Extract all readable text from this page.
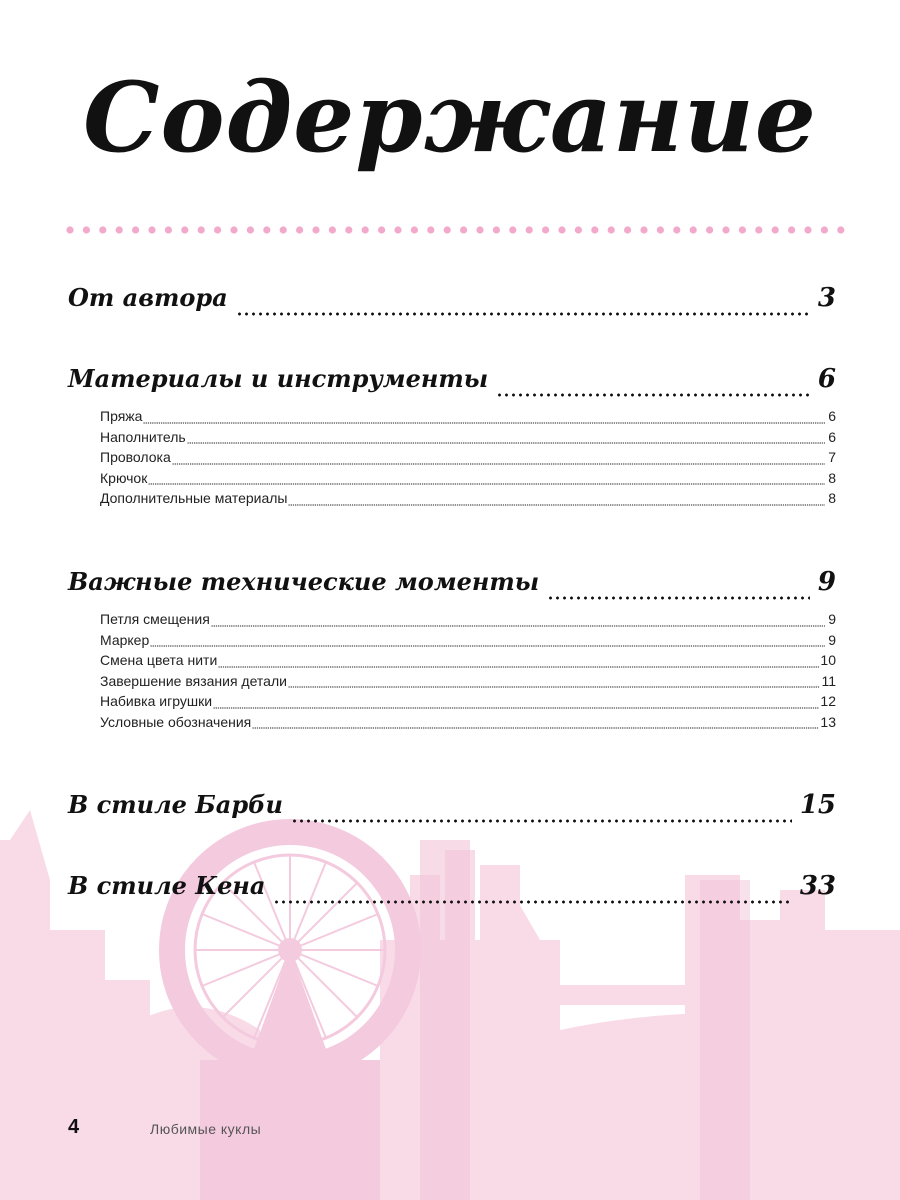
Содержание
От автора	3
Материалы и инструменты	6
Пряжа	6
Наполнитель	6
Проволока	7
Крючок	8
Дополнительные материалы	8
Важные технические моменты	9
Петля смещения	9
Маркер	9
Смена цвета нити	10
Завершение вязания детали	11
Набивка игрушки	12
Условные обозначения	13
В стиле Барби	15
В стиле Кена	33
4	Любимые куклы
